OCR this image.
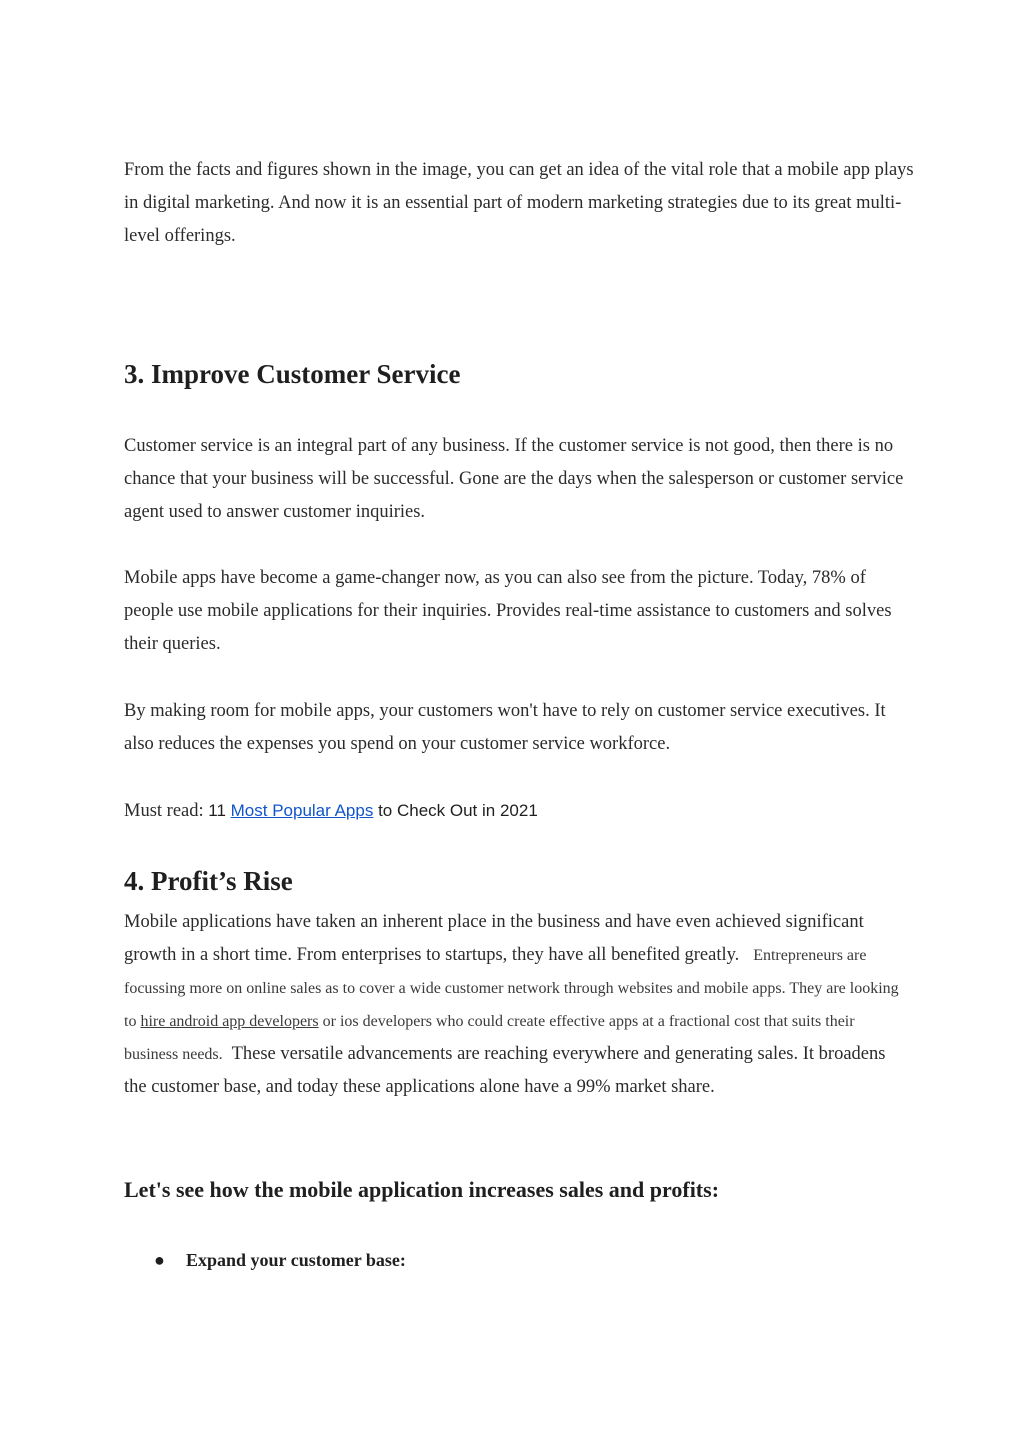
From the facts and figures shown in the image, you can get an idea of the vital role that a mobile app plays in digital marketing. And now it is an essential part of modern marketing strategies due to its great multi-level offerings.

3. Improve Customer Service

Customer service is an integral part of any business. If the customer service is not good, then there is no chance that your business will be successful. Gone are the days when the salesperson or customer service agent used to answer customer inquiries.

Mobile apps have become a game-changer now, as you can also see from the picture. Today, 78% of people use mobile applications for their inquiries. Provides real-time assistance to customers and solves their queries.

By making room for mobile apps, your customers won't have to rely on customer service executives. It also reduces the expenses you spend on your customer service workforce.

Must read: 11 Most Popular Apps to Check Out in 2021

4. Profit’s Rise

Mobile applications have taken an inherent place in the business and have even achieved significant growth in a short time. From enterprises to startups, they have all benefited greatly. Entrepreneurs are focussing more on online sales as to cover a wide customer network through websites and mobile apps. They are looking to hire android app developers or ios developers who could create effective apps at a fractional cost that suits their business needs. These versatile advancements are reaching everywhere and generating sales. It broadens the customer base, and today these applications alone have a 99% market share.

Let's see how the mobile application increases sales and profits:

● Expand your customer base:
